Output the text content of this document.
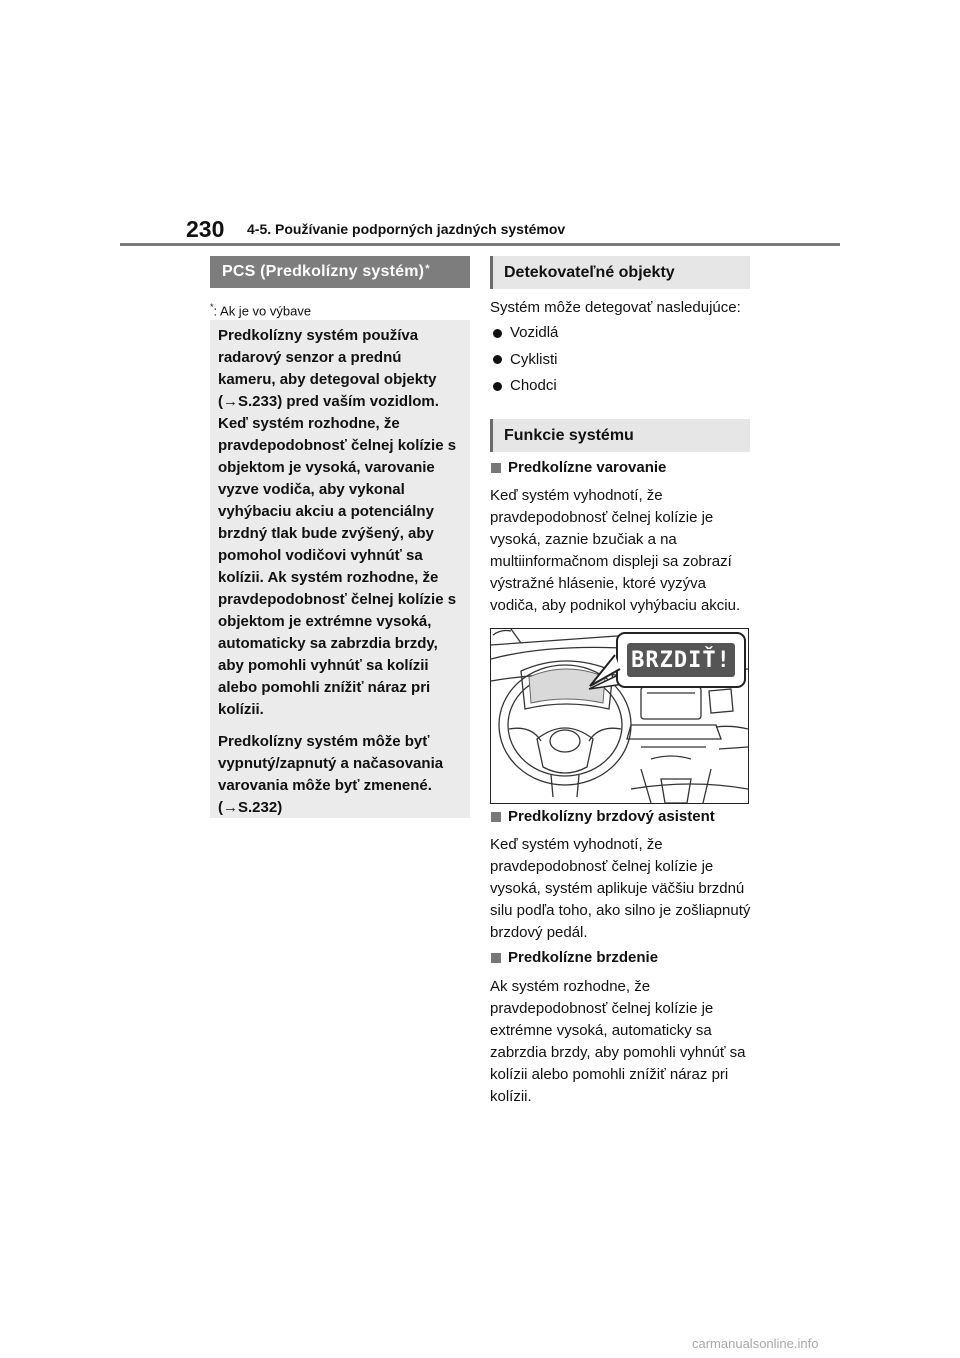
230 4-5. Používanie podporných jazdných systémov
PCS (Predkolízny systém)*
*: Ak je vo výbave

Predkolízny systém používa radarový senzor a prednú kameru, aby detegoval objekty (→S.233) pred vaším vozidlom. Keď systém rozhodne, že pravdepodobnosť čelnej kolízie s objektom je vysoká, varovanie vyzve vodiča, aby vykonal vyhýbaciu akciu a potenciálny brzdný tlak bude zvýšený, aby pomohol vodičovi vyhnúť sa kolízii. Ak systém rozhodne, že pravdepodobnosť čelnej kolízie s objektom je extrémne vysoká, automaticky sa zabrzdia brzdy, aby pomohli vyhnúť sa kolízii alebo pomohli znížiť náraz pri kolízii.

Predkolízny systém môže byť vypnutý/zapnutý a načasovania varovania môže byť zmenené. (→S.232)

Detekovateľné objekty
Systém môže detegovať nasledujúce:
Vozidlá
Cyklisti
Chodci
Funkcie systému
Predkolízne varovanie
Keď systém vyhodnotí, že pravdepodobnosť čelnej kolízie je vysoká, zaznie bzučiak a na multiinformačnom displeji sa zobrazí výstražné hlásenie, ktoré vyzýva vodiča, aby podnikol vyhýbaciu akciu.
BRZDIŤ!
Predkolízny brzdový asistent
Keď systém vyhodnotí, že pravdepodobnosť čelnej kolízie je vysoká, systém aplikuje väčšiu brzdnú silu podľa toho, ako silno je zošliapnutý brzdový pedál.
Predkolízne brzdenie
Ak systém rozhodne, že pravdepodobnosť čelnej kolízie je extrémne vysoká, automaticky sa zabrzdia brzdy, aby pomohli vyhnúť sa kolízii alebo pomohli znížiť náraz pri kolízii.
carmanualsonline.info
